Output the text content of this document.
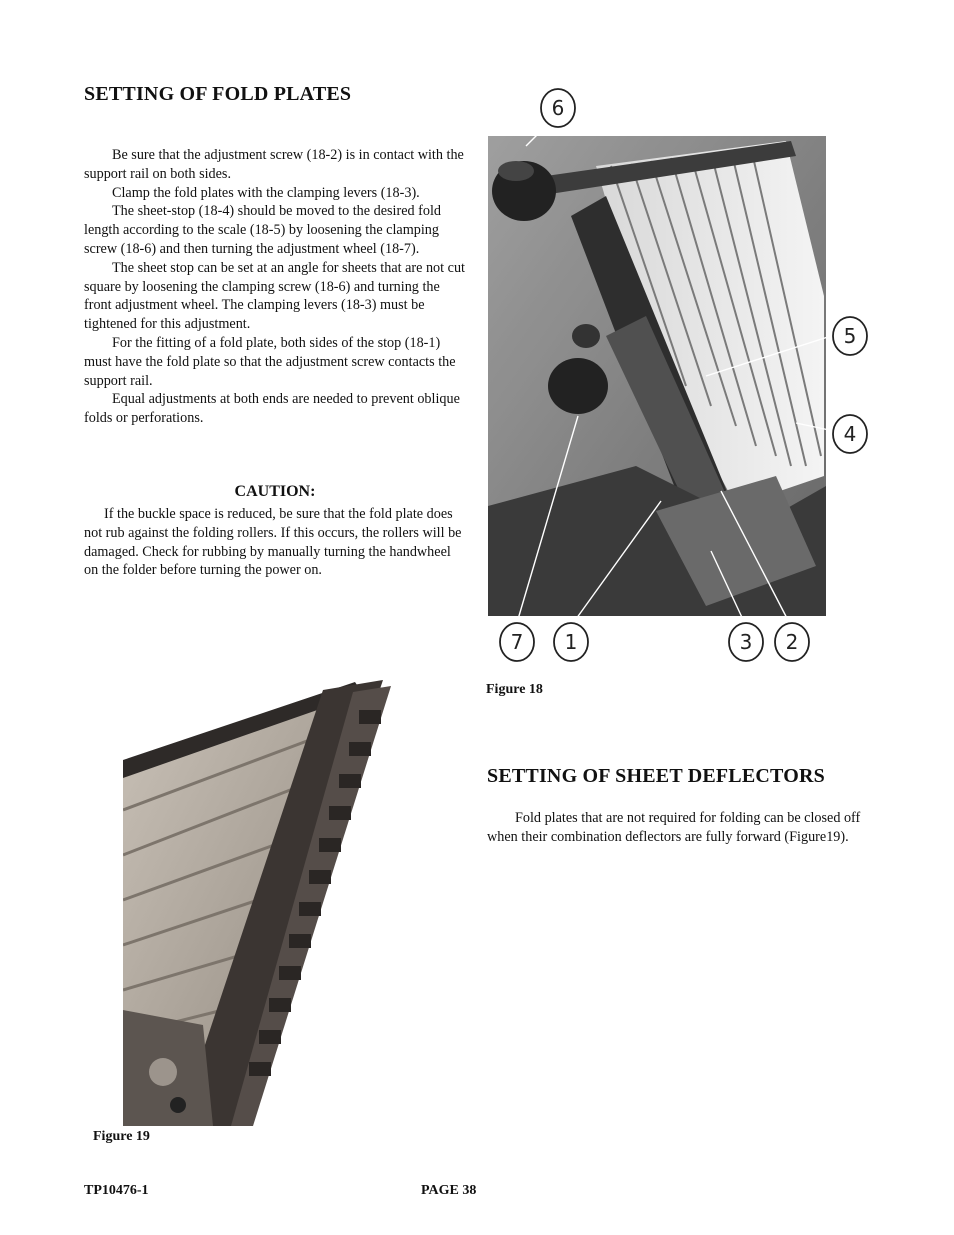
SETTING OF FOLD PLATES

Be sure that the adjustment screw (18-2) is in contact with the support rail on both sides.

Clamp the fold plates with the clamping levers (18-3).

The sheet-stop (18-4) should be moved to the desired fold length according to the scale (18-5) by loosening the clamping screw (18-6) and then turning the adjustment wheel (18-7).

The sheet stop can be set at an angle for sheets that are not cut square by loosening the clamping screw (18-6) and turning the front adjustment wheel. The clamping levers (18-3) must be tightened for this adjustment.

For the fitting of a fold plate, both sides of the stop (18-1) must have the fold plate so that the adjustment screw contacts the support rail.

Equal adjustments at both ends are needed to prevent oblique folds or perforations.

CAUTION:

If the buckle space is reduced, be sure that the fold plate does not rub against the folding rollers. If this occurs, the rollers will be damaged. Check for rubbing by manually turning the handwheel on the folder before turning the power on.

6
5
4
7 1	3 2
Figure 18
Figure 19
SETTING OF SHEET DEFLECTORS

Fold plates that are not required for folding can be closed off when their combination deflectors are fully forward (Figure19).

TP10476-1	PAGE 38
